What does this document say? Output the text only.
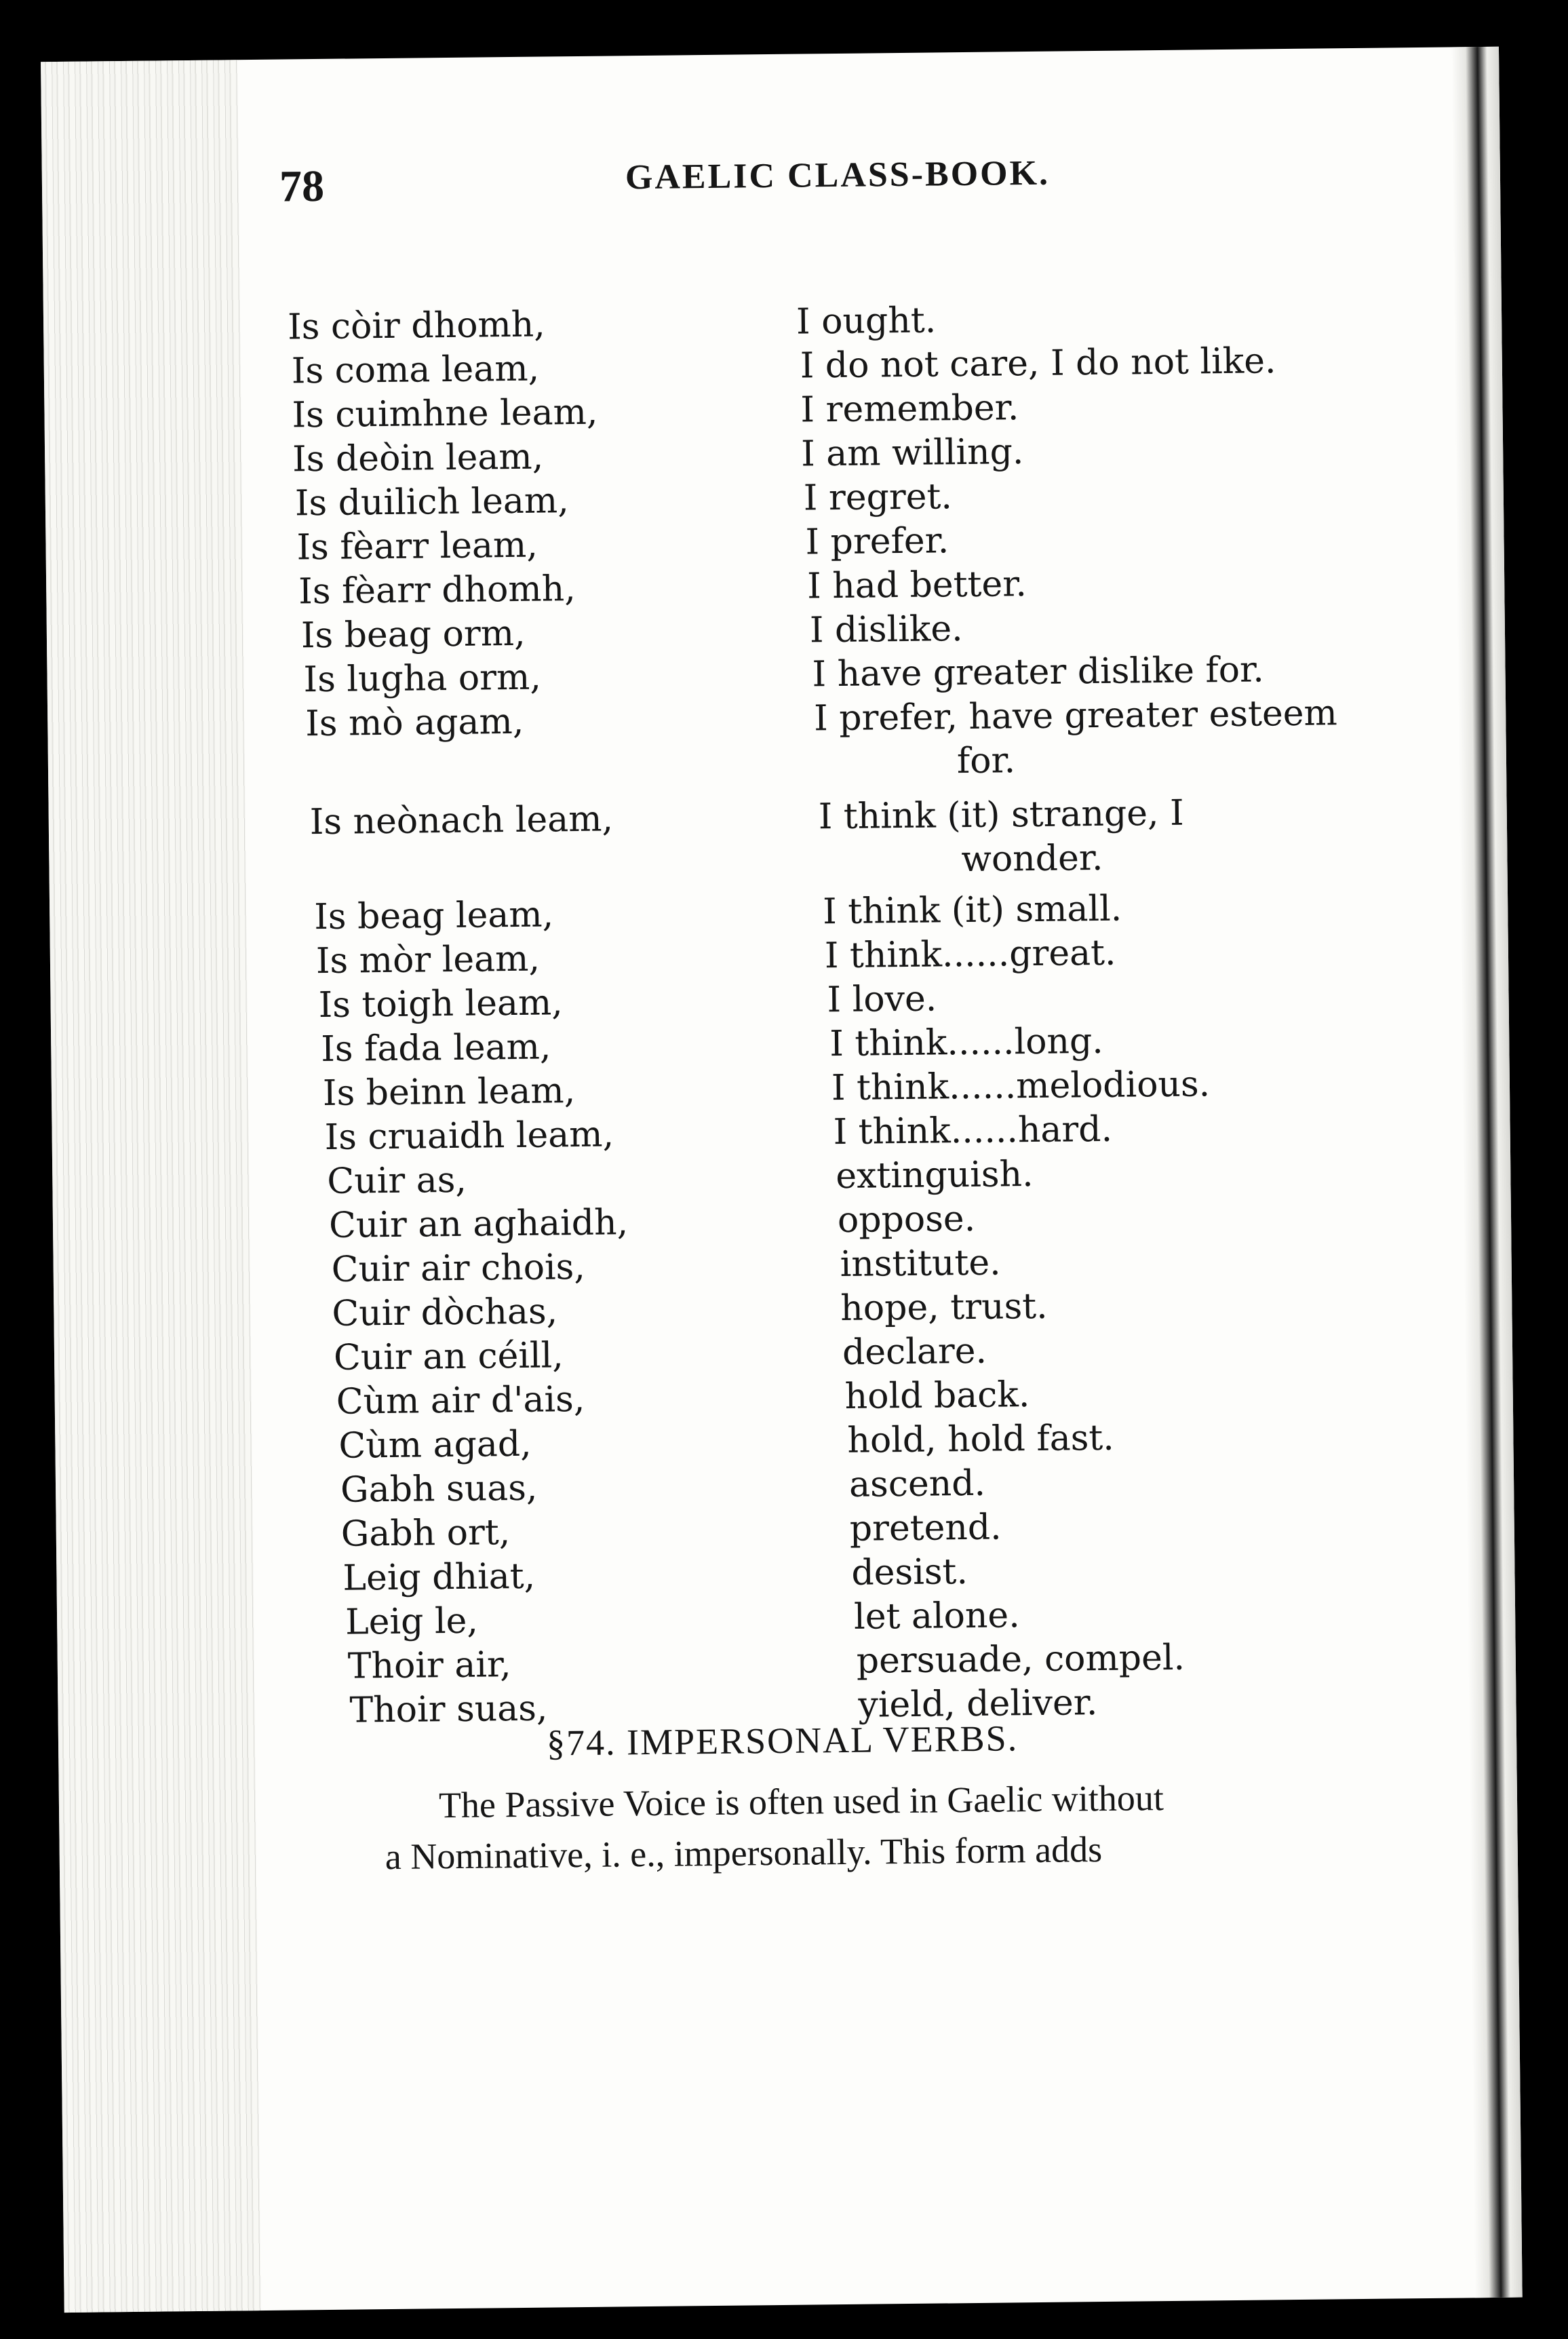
78	GAELIC CLASS-BOOK.
Is còir dhomh,	I ought.
Is coma leam,	I do not care, I do not like.
Is cuimhne leam,	I remember.
Is deòin leam,	I am willing.
Is duilich leam,	I regret.
Is fèarr leam,	I prefer.
Is fèarr dhomh,	I had better.
Is beag orm,	I dislike.
Is lugha orm,	I have greater dislike for.
Is mò agam,	I prefer, have greater esteem
for.
Is neònach leam,	I think (it) strange, I
wonder.
Is beag leam,	I think (it) small.
Is mòr leam,	I think......great.
Is toigh leam,	I love.
Is fada leam,	I think......long.
Is beinn leam,	I think......melodious.
Is cruaidh leam,	I think......hard.
Cuir as,	extinguish.
Cuir an aghaidh,	oppose.
Cuir air chois,	institute.
Cuir dòchas,	hope, trust.
Cuir an céill,	declare.
Cùm air d'ais,	hold back.
Cùm agad,	hold, hold fast.
Gabh suas,	ascend.
Gabh ort,	pretend.
Leig dhiat,	desist.
Leig le,	let alone.
Thoir air,	persuade, compel.
Thoir suas,	yield, deliver.
§74. IMPERSONAL VERBS.
The Passive Voice is often used in Gaelic without
a Nominative, i. e., impersonally. This form adds
